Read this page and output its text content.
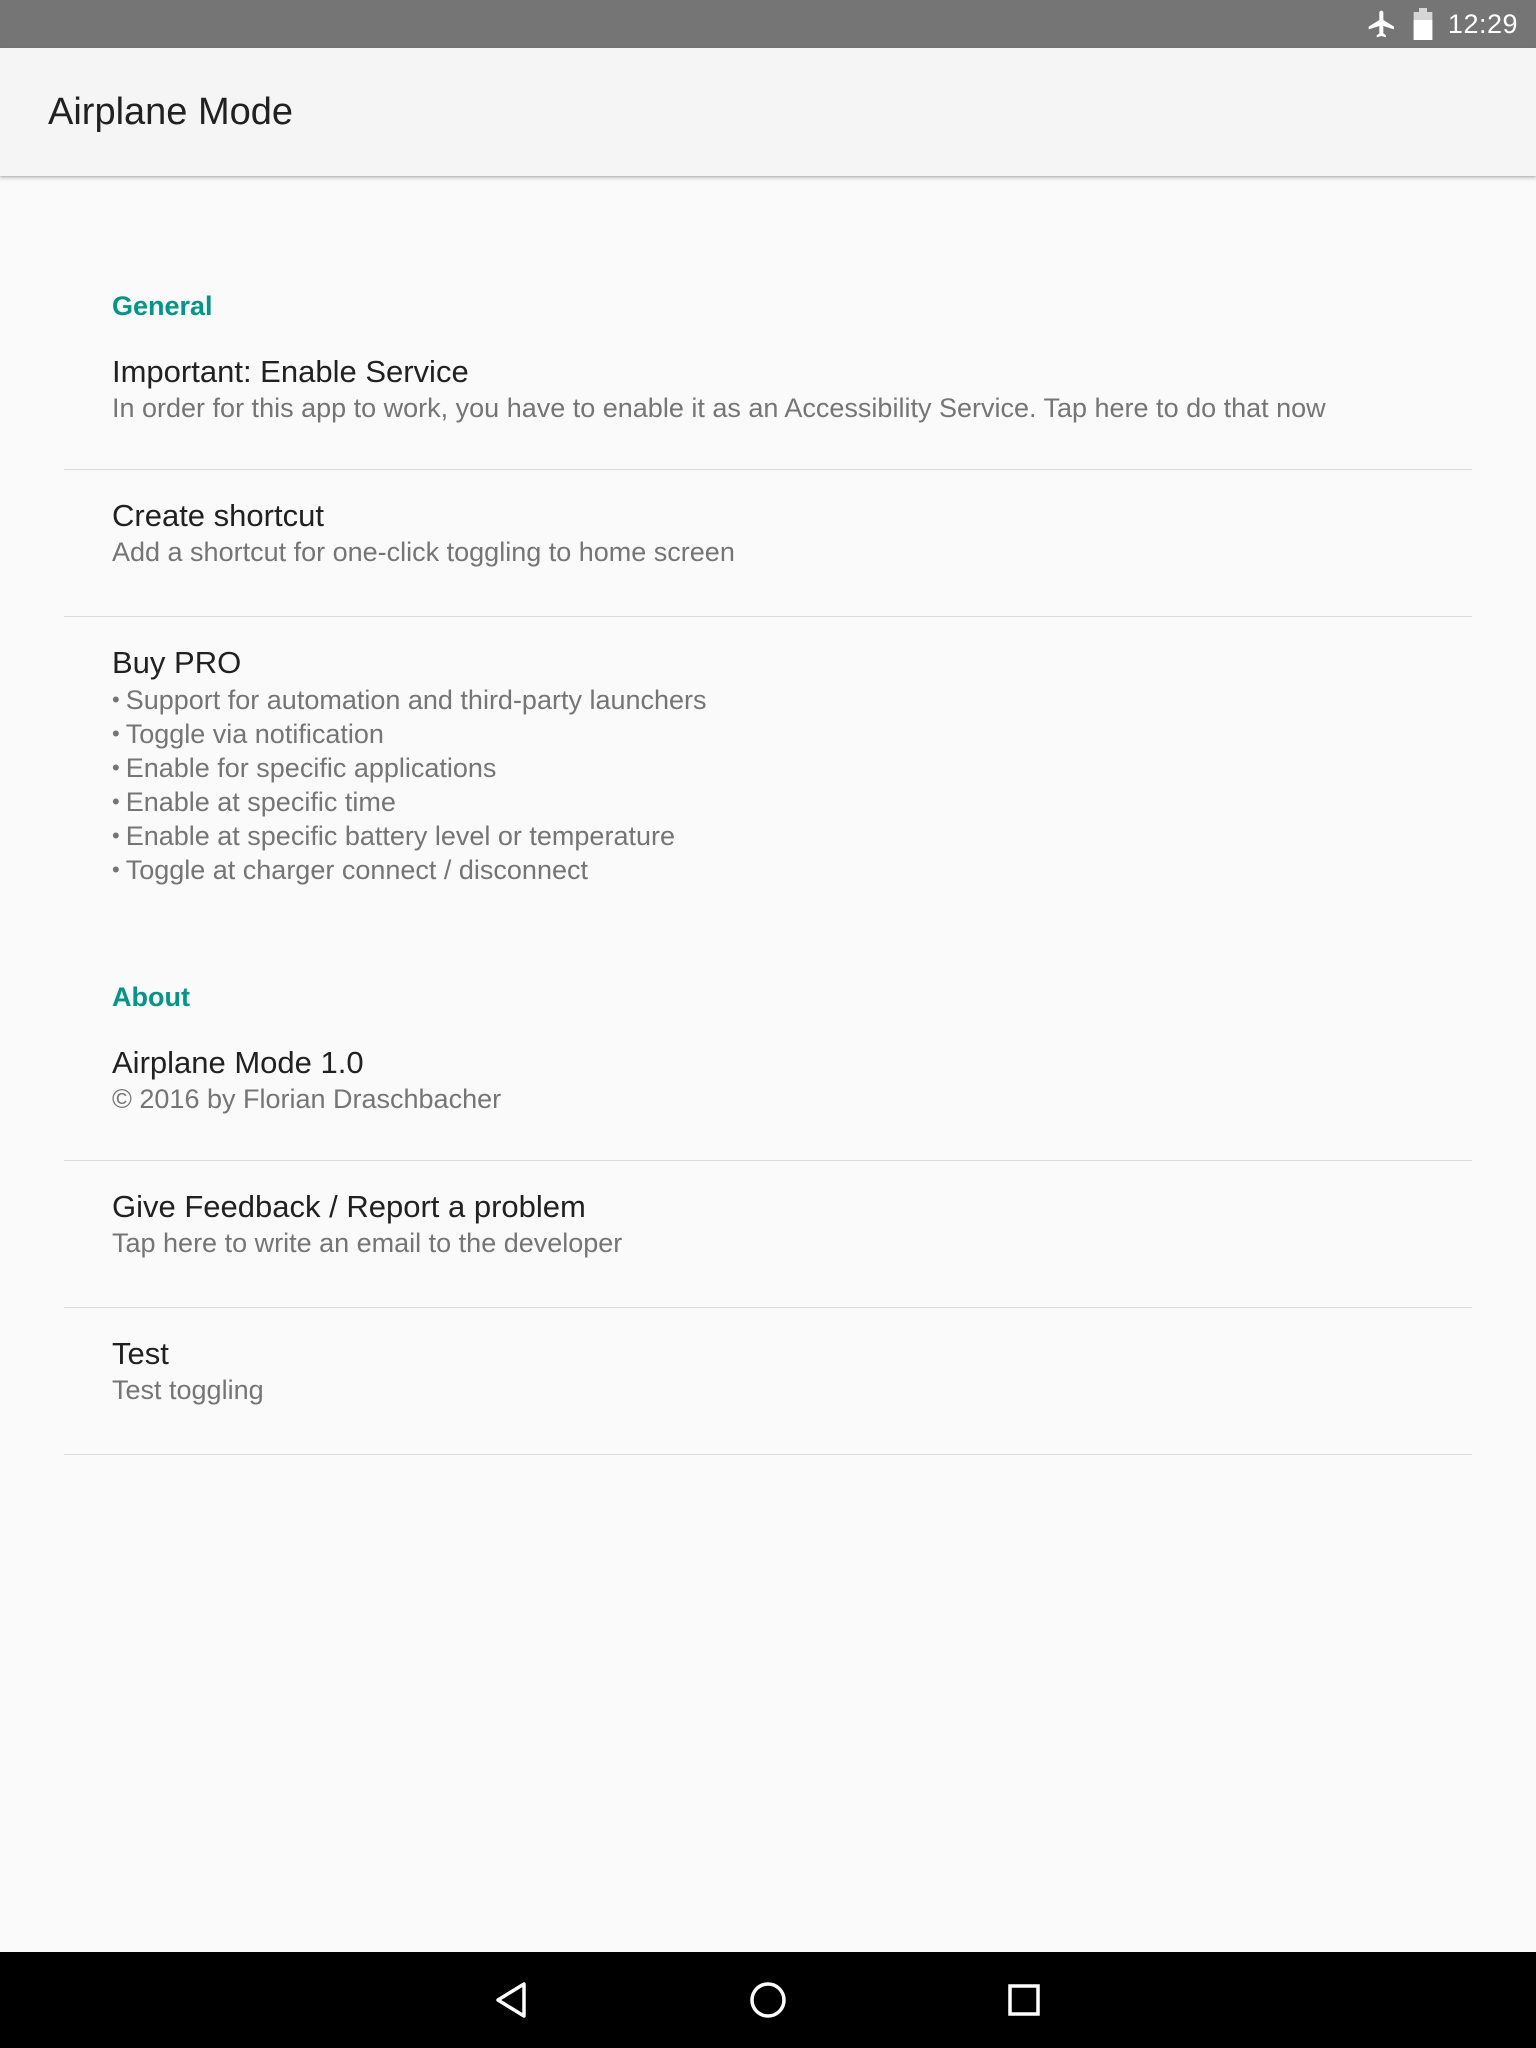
12:29
Airplane Mode
General
Important: Enable Service
In order for this app to work, you have to enable it as an Accessibility Service. Tap here to do that now
Create shortcut
Add a shortcut for one-click toggling to home screen
Buy PRO
• Support for automation and third-party launchers
• Toggle via notification
• Enable for specific applications
• Enable at specific time
• Enable at specific battery level or temperature
• Toggle at charger connect / disconnect
About
Airplane Mode 1.0
© 2016 by Florian Draschbacher
Give Feedback / Report a problem
Tap here to write an email to the developer
Test
Test toggling
